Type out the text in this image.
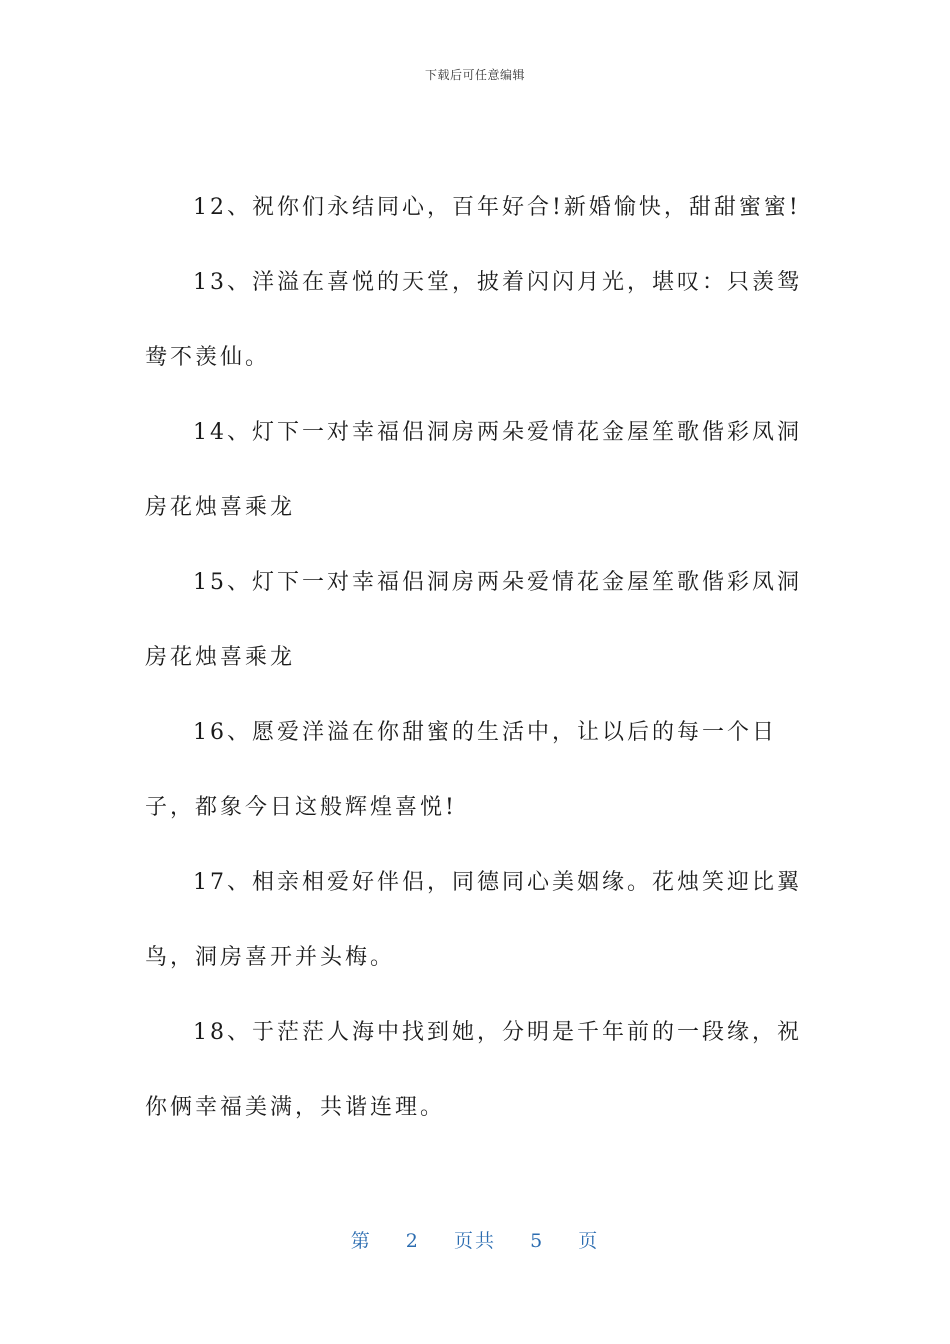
下载后可任意编辑

12、祝你们永结同心，百年好合!新婚愉快，甜甜蜜蜜!

13、洋溢在喜悦的天堂，披着闪闪月光，堪叹：只羡鸳鸯不羡仙。

14、灯下一对幸福侣洞房两朵爱情花金屋笙歌偕彩凤洞房花烛喜乘龙

15、灯下一对幸福侣洞房两朵爱情花金屋笙歌偕彩凤洞房花烛喜乘龙

16、愿爱洋溢在你甜蜜的生活中，让以后的每一个日子，都象今日这般辉煌喜悦!

17、相亲相爱好伴侣，同德同心美姻缘。花烛笑迎比翼鸟，洞房喜开并头梅。

18、于茫茫人海中找到她，分明是千年前的一段缘，祝你俩幸福美满，共谐连理。

第 2 页共 5 页
